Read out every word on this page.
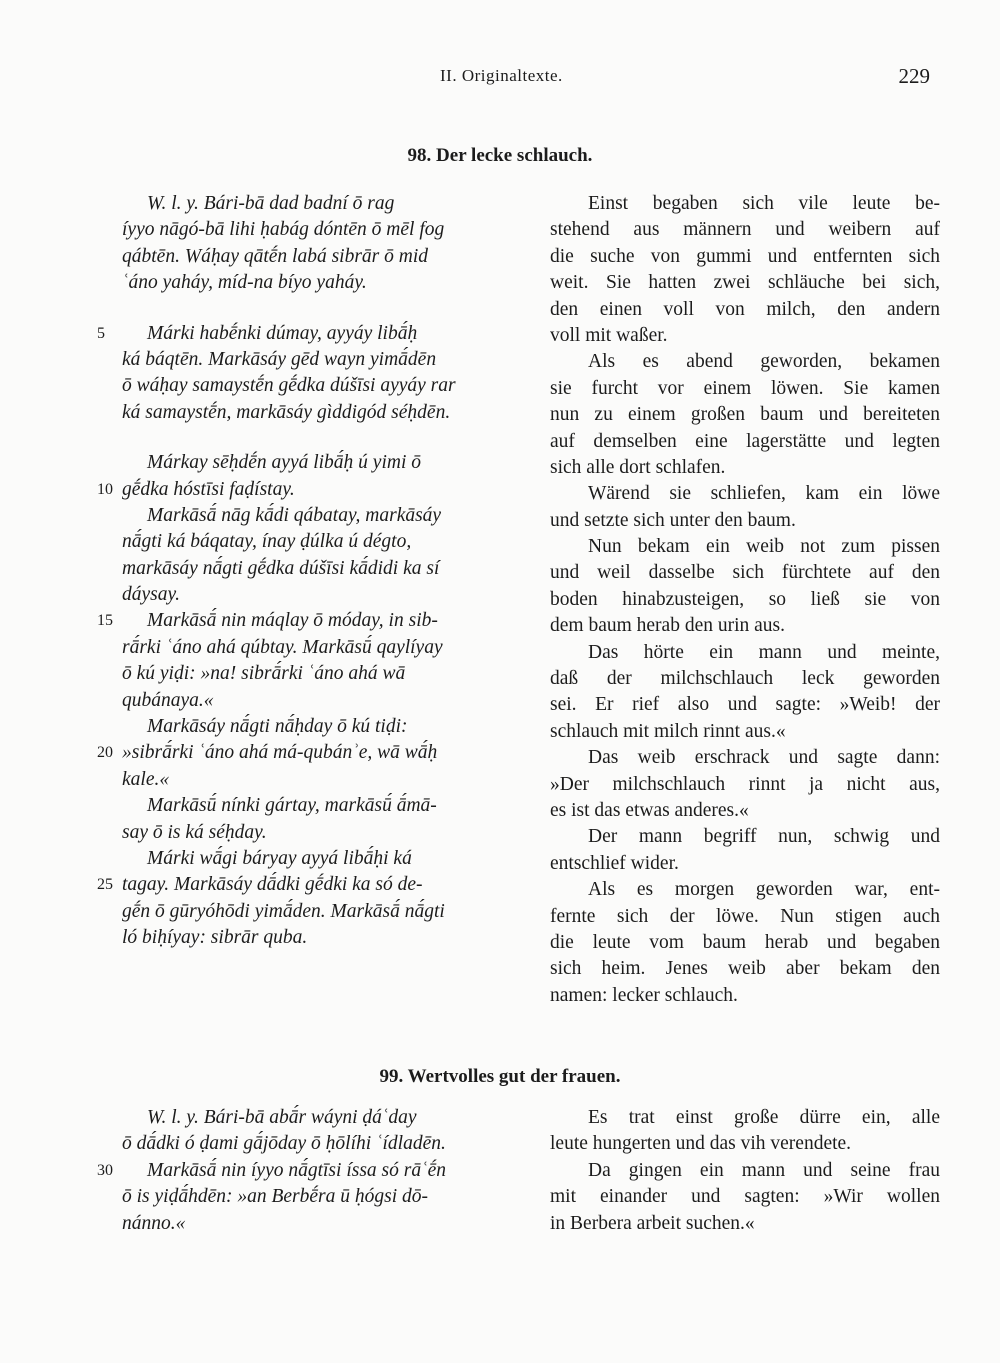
II. Originaltexte.	229
98. Der lecke schlauch.
W. l. y. Bári-bā dad badní ō rag
íyyo nāgó-bā lihi ḥabág dóntēn ō mēl fog
qábtēn. Wáḥay qātḗn labá sibrār ō mid
ʿáno yaháy, míd-na bíyo yaháy.
Márki habḗnki dúmay, ayyáy libā́ḥ
5
ká báqtēn. Markāsáy gēd wayn yimā́dēn
ō wáḥay samaystḗn gḗdka dúšīsi ayyáy rar
ká samaystḗn, markāsáy gìddigód séḥdēn.
Márkay sēḥdḗn ayyá libā́ḥ ú yimi ō
gḗdka hóstīsi faḍístay.
10
Markāsā́ nāg kā́di qábatay, markāsáy
nā́gti ká báqatay, ínay ḍúlka ú dégto,
markāsáy nā́gti gḗdka dúšīsi kā́didi ka sí
dáysay.
Markāsā́ nin máqlay ō móday, in sib-
15
rā́rki ʿáno ahá qúbtay. Markāsū́ qaylíyay
ō kú yiḍi: »na! sibrā́rki ʿáno ahá wā
qubánaya.«
Markāsáy nā́gti nā́ḥday ō kú tiḍi:
»sibrā́rki ʿáno ahá má-qubánʾe, wā wā́ḥ
20
kale.«
Markāsū́ nínki gártay, markāsū́ ā́mā-
say ō is ká séḥday.
Márki wā́gi báryay ayyá libā́ḥi ká
tagay. Markāsáy dā́dki gḗdki ka só de-
25
gḗn ō gūryóhōdi yimā́den. Markāsā́ nā́gti
ló biḥíyay: sibrār quba.
Einst begaben sich vile leute be-
stehend aus männern und weibern auf
die suche von gummi und entfernten sich
weit. Sie hatten zwei schläuche bei sich,
den einen voll von milch, den andern
voll mit waßer.
Als es abend geworden, bekamen
sie furcht vor einem löwen. Sie kamen
nun zu einem großen baum und bereiteten
auf demselben eine lagerstätte und legten
sich alle dort schlafen.
Wärend sie schliefen, kam ein löwe
und setzte sich unter den baum.
Nun bekam ein weib not zum pissen
und weil dasselbe sich fürchtete auf den
boden hinabzusteigen, so ließ sie von
dem baum herab den urin aus.
Das hörte ein mann und meinte,
daß der milchschlauch leck geworden
sei. Er rief also und sagte: »Weib! der
schlauch mit milch rinnt aus.«
Das weib erschrack und sagte dann:
»Der milchschlauch rinnt ja nicht aus,
es ist das etwas anderes.«
Der mann begriff nun, schwig und
entschlief wider.
Als es morgen geworden war, ent-
fernte sich der löwe. Nun stigen auch
die leute vom baum herab und begaben
sich heim. Jenes weib aber bekam den
namen: lecker schlauch.
99. Wertvolles gut der frauen.
W. l. y. Bári-bā abā́r wáyni ḍáʿday
ō dā́dki ó ḍami gā́jōday ō ḥōlíhi ʿídladēn.
Markāsā́ nin íyyo nā́gtīsi íssa só rāʿḗn
30
ō is yiḍā́hdēn: »an Berbḗra ū ḥógsi dō-
nánno.«
Es trat einst große dürre ein, alle
leute hungerten und das vih verendete.
Da gingen ein mann und seine frau
mit einander und sagten: »Wir wollen
in Berbera arbeit suchen.«
